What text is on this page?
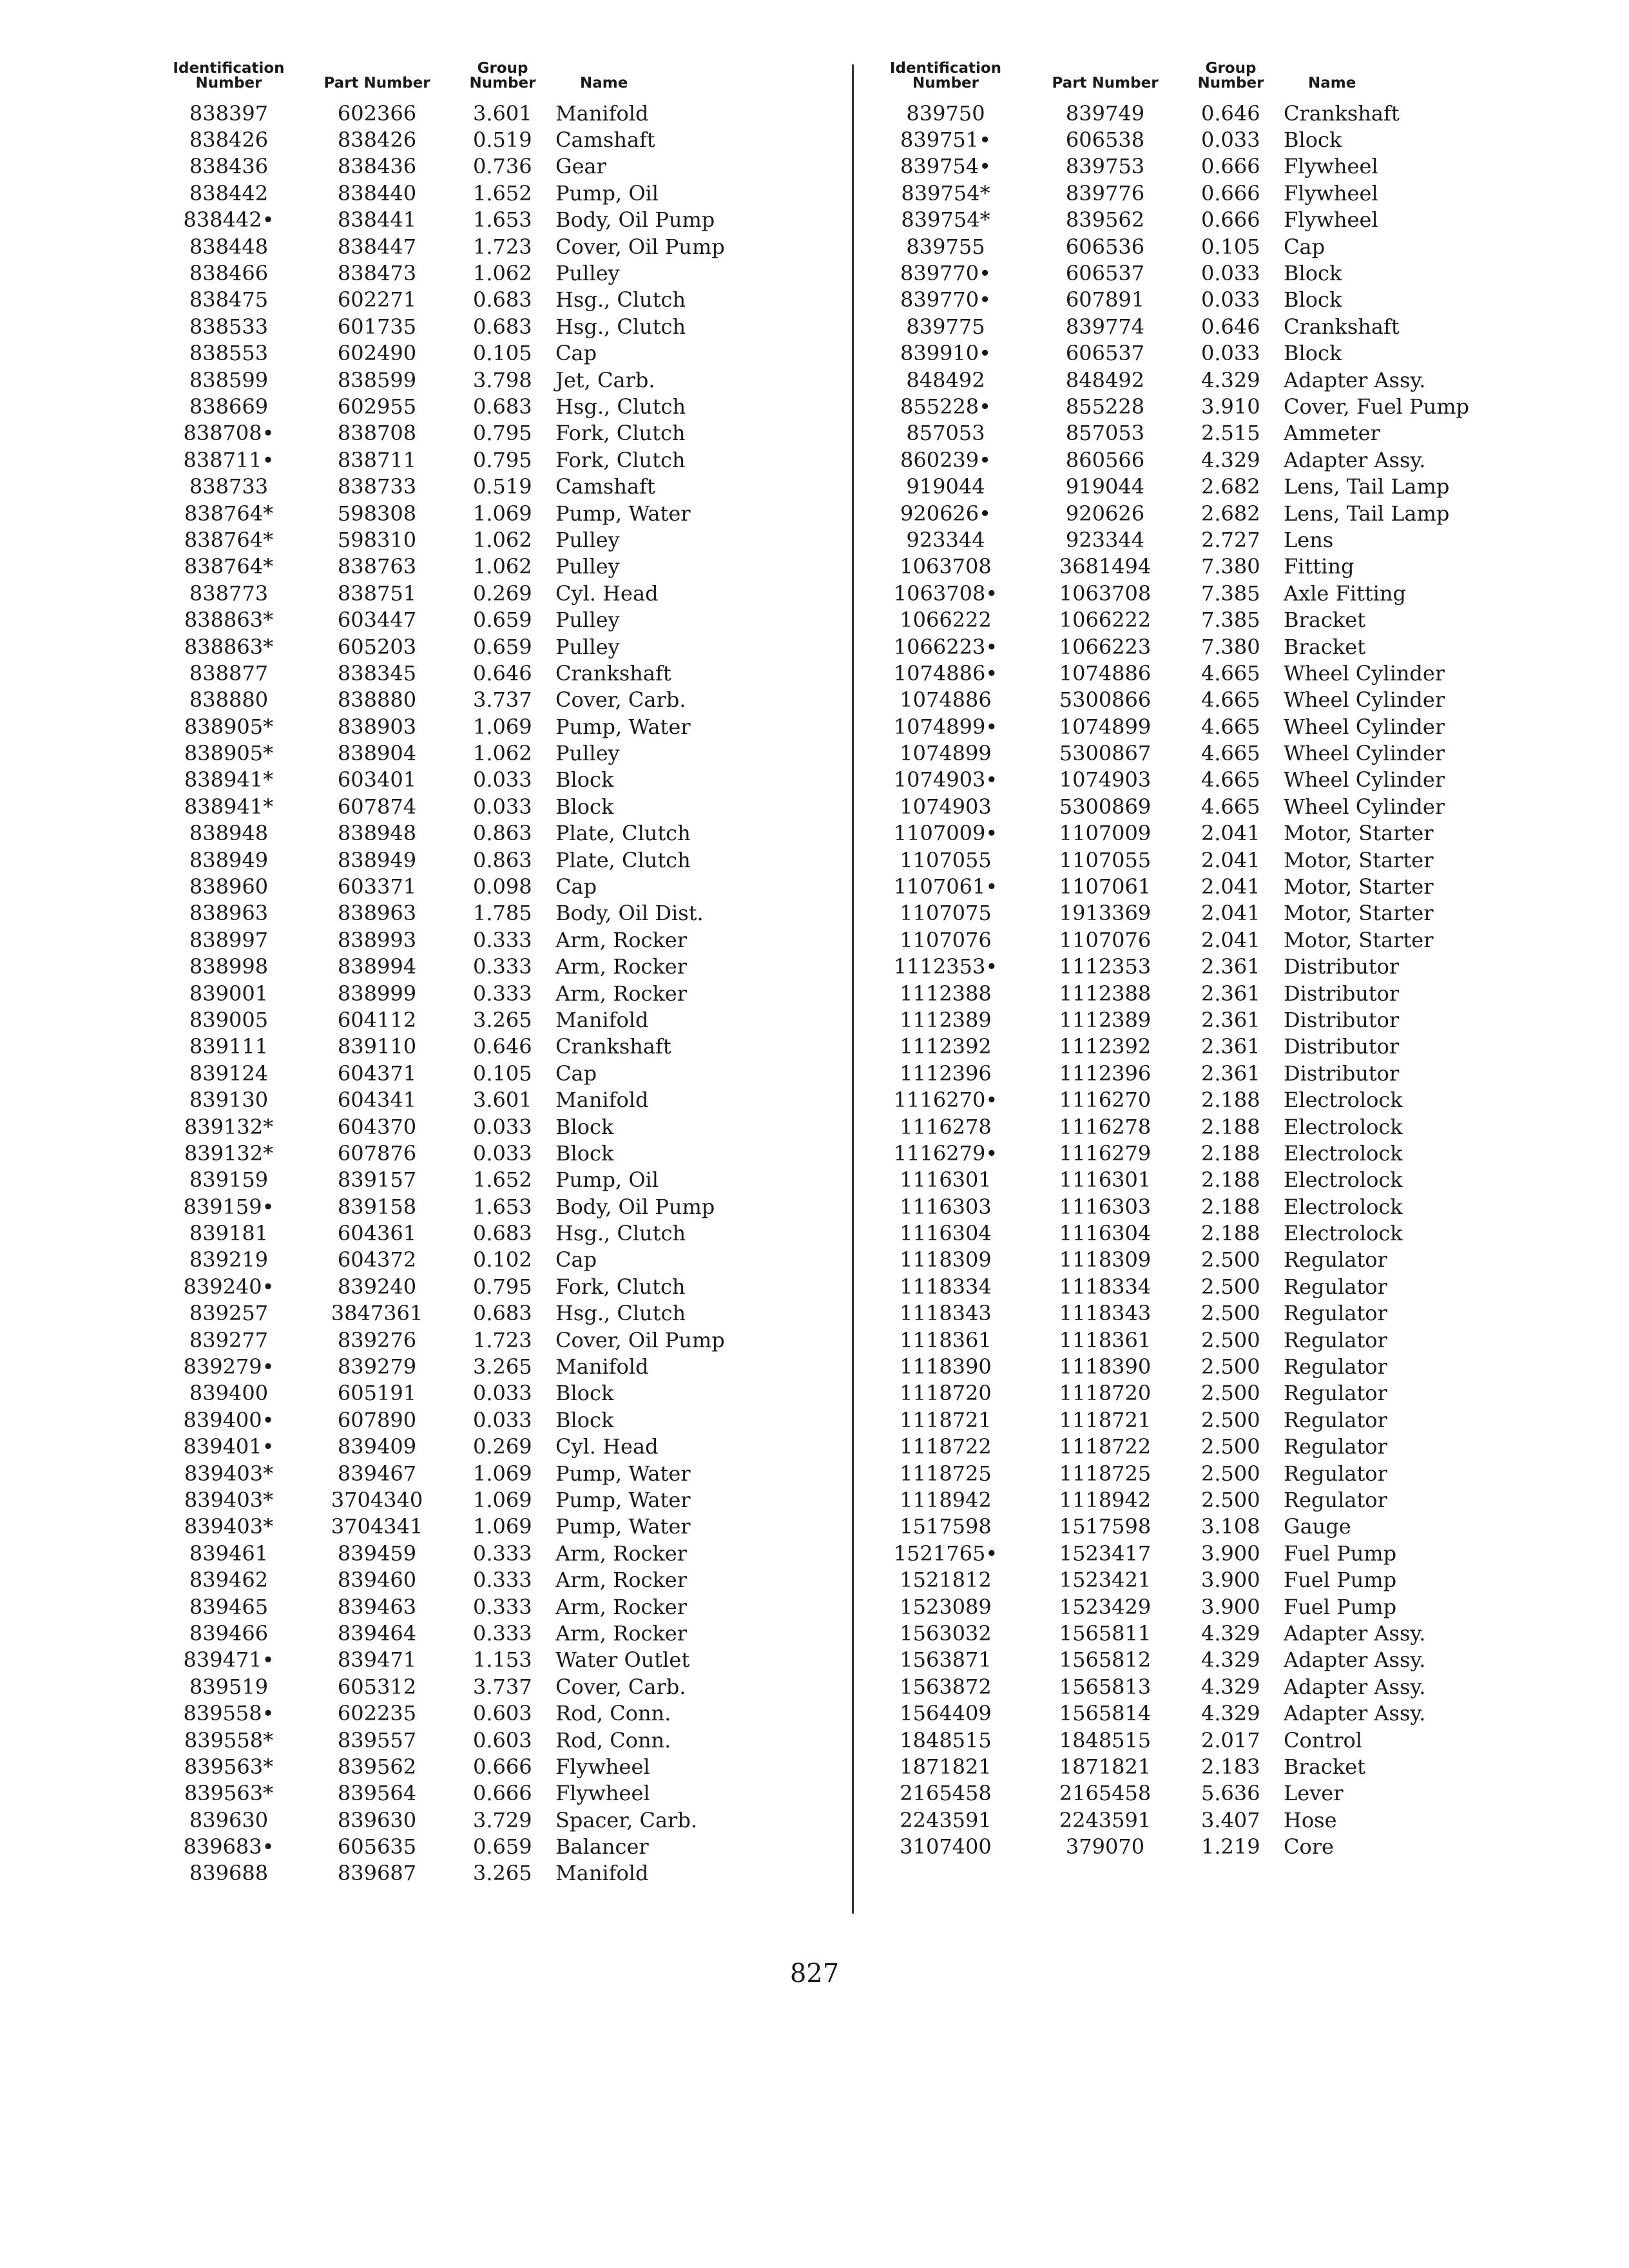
Identification Number	Part Number	Group Number	Name
838397	602366	3.601	Manifold
838426	838426	0.519	Camshaft
838436	838436	0.736	Gear
838442	838440	1.652	Pump, Oil
838442•	838441	1.653	Body, Oil Pump
838448	838447	1.723	Cover, Oil Pump
838466	838473	1.062	Pulley
838475	602271	0.683	Hsg., Clutch
838533	601735	0.683	Hsg., Clutch
838553	602490	0.105	Cap
838599	838599	3.798	Jet, Carb.
838669	602955	0.683	Hsg., Clutch
838708•	838708	0.795	Fork, Clutch
838711•	838711	0.795	Fork, Clutch
838733	838733	0.519	Camshaft
838764*	598308	1.069	Pump, Water
838764*	598310	1.062	Pulley
838764*	838763	1.062	Pulley
838773	838751	0.269	Cyl. Head
838863*	603447	0.659	Pulley
838863*	605203	0.659	Pulley
838877	838345	0.646	Crankshaft
838880	838880	3.737	Cover, Carb.
838905*	838903	1.069	Pump, Water
838905*	838904	1.062	Pulley
838941*	603401	0.033	Block
838941*	607874	0.033	Block
838948	838948	0.863	Plate, Clutch
838949	838949	0.863	Plate, Clutch
838960	603371	0.098	Cap
838963	838963	1.785	Body, Oil Dist.
838997	838993	0.333	Arm, Rocker
838998	838994	0.333	Arm, Rocker
839001	838999	0.333	Arm, Rocker
839005	604112	3.265	Manifold
839111	839110	0.646	Crankshaft
839124	604371	0.105	Cap
839130	604341	3.601	Manifold
839132*	604370	0.033	Block
839132*	607876	0.033	Block
839159	839157	1.652	Pump, Oil
839159•	839158	1.653	Body, Oil Pump
839181	604361	0.683	Hsg., Clutch
839219	604372	0.102	Cap
839240•	839240	0.795	Fork, Clutch
839257	3847361	0.683	Hsg., Clutch
839277	839276	1.723	Cover, Oil Pump
839279•	839279	3.265	Manifold
839400	605191	0.033	Block
839400•	607890	0.033	Block
839401•	839409	0.269	Cyl. Head
839403*	839467	1.069	Pump, Water
839403*	3704340	1.069	Pump, Water
839403*	3704341	1.069	Pump, Water
839461	839459	0.333	Arm, Rocker
839462	839460	0.333	Arm, Rocker
839465	839463	0.333	Arm, Rocker
839466	839464	0.333	Arm, Rocker
839471•	839471	1.153	Water Outlet
839519	605312	3.737	Cover, Carb.
839558•	602235	0.603	Rod, Conn.
839558*	839557	0.603	Rod, Conn.
839563*	839562	0.666	Flywheel
839563*	839564	0.666	Flywheel
839630	839630	3.729	Spacer, Carb.
839683•	605635	0.659	Balancer
839688	839687	3.265	Manifold
Identification Number	Part Number	Group Number	Name
839750	839749	0.646	Crankshaft
839751•	606538	0.033	Block
839754•	839753	0.666	Flywheel
839754*	839776	0.666	Flywheel
839754*	839562	0.666	Flywheel
839755	606536	0.105	Cap
839770•	606537	0.033	Block
839770•	607891	0.033	Block
839775	839774	0.646	Crankshaft
839910•	606537	0.033	Block
848492	848492	4.329	Adapter Assy.
855228•	855228	3.910	Cover, Fuel Pump
857053	857053	2.515	Ammeter
860239•	860566	4.329	Adapter Assy.
919044	919044	2.682	Lens, Tail Lamp
920626•	920626	2.682	Lens, Tail Lamp
923344	923344	2.727	Lens
1063708	3681494	7.380	Fitting
1063708•	1063708	7.385	Axle Fitting
1066222	1066222	7.385	Bracket
1066223•	1066223	7.380	Bracket
1074886•	1074886	4.665	Wheel Cylinder
1074886	5300866	4.665	Wheel Cylinder
1074899•	1074899	4.665	Wheel Cylinder
1074899	5300867	4.665	Wheel Cylinder
1074903•	1074903	4.665	Wheel Cylinder
1074903	5300869	4.665	Wheel Cylinder
1107009•	1107009	2.041	Motor, Starter
1107055	1107055	2.041	Motor, Starter
1107061•	1107061	2.041	Motor, Starter
1107075	1913369	2.041	Motor, Starter
1107076	1107076	2.041	Motor, Starter
1112353•	1112353	2.361	Distributor
1112388	1112388	2.361	Distributor
1112389	1112389	2.361	Distributor
1112392	1112392	2.361	Distributor
1112396	1112396	2.361	Distributor
1116270•	1116270	2.188	Electrolock
1116278	1116278	2.188	Electrolock
1116279•	1116279	2.188	Electrolock
1116301	1116301	2.188	Electrolock
1116303	1116303	2.188	Electrolock
1116304	1116304	2.188	Electrolock
1118309	1118309	2.500	Regulator
1118334	1118334	2.500	Regulator
1118343	1118343	2.500	Regulator
1118361	1118361	2.500	Regulator
1118390	1118390	2.500	Regulator
1118720	1118720	2.500	Regulator
1118721	1118721	2.500	Regulator
1118722	1118722	2.500	Regulator
1118725	1118725	2.500	Regulator
1118942	1118942	2.500	Regulator
1517598	1517598	3.108	Gauge
1521765•	1523417	3.900	Fuel Pump
1521812	1523421	3.900	Fuel Pump
1523089	1523429	3.900	Fuel Pump
1563032	1565811	4.329	Adapter Assy.
1563871	1565812	4.329	Adapter Assy.
1563872	1565813	4.329	Adapter Assy.
1564409	1565814	4.329	Adapter Assy.
1848515	1848515	2.017	Control
1871821	1871821	2.183	Bracket
2165458	2165458	5.636	Lever
2243591	2243591	3.407	Hose
3107400	379070	1.219	Core
827
